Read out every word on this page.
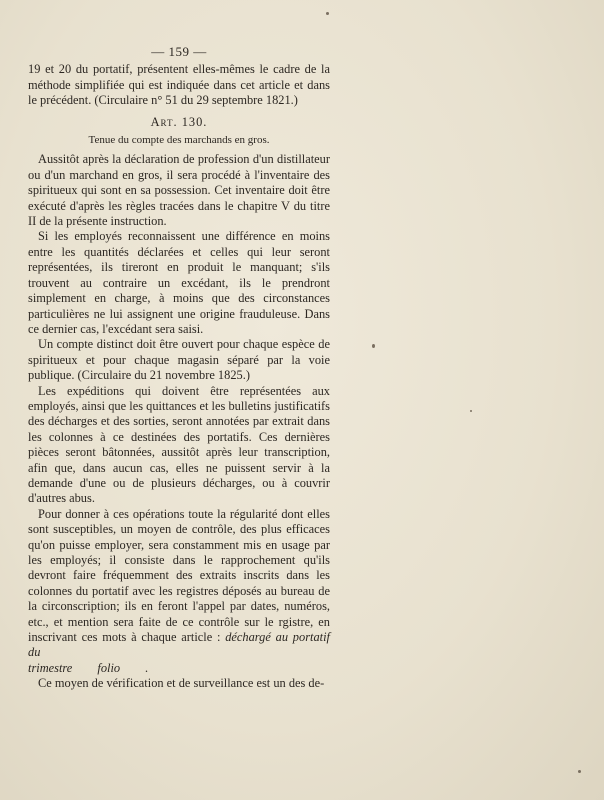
— 159 —

19 et 20 du portatif, présentent elles-mêmes le cadre de la méthode simplifiée qui est indiquée dans cet article et dans le précédent. (Circulaire n° 51 du 29 septembre 1821.)

Art. 130.
Tenue du compte des marchands en gros.

Aussitôt après la déclaration de profession d'un distillateur ou d'un marchand en gros, il sera procédé à l'inventaire des spiritueux qui sont en sa possession. Cet inventaire doit être exécuté d'après les règles tracées dans le chapitre V du titre II de la présente instruction.

Si les employés reconnaissent une différence en moins entre les quantités déclarées et celles qui leur seront représentées, ils tireront en produit le manquant; s'ils trouvent au contraire un excédant, ils le prendront simplement en charge, à moins que des circonstances particulières ne lui assignent une origine frauduleuse. Dans ce dernier cas, l'excédant sera saisi.

Un compte distinct doit être ouvert pour chaque espèce de spiritueux et pour chaque magasin séparé par la voie publique. (Circulaire du 21 novembre 1825.)

Les expéditions qui doivent être représentées aux employés, ainsi que les quittances et les bulletins justificatifs des décharges et des sorties, seront annotées par extrait dans les colonnes à ce destinées des portatifs. Ces dernières pièces seront bâtonnées, aussitôt après leur transcription, afin que, dans aucun cas, elles ne puissent servir à la demande d'une ou de plusieurs décharges, ou à couvrir d'autres abus.

Pour donner à ces opérations toute la régularité dont elles sont susceptibles, un moyen de contrôle, des plus efficaces qu'on puisse employer, sera constamment mis en usage par les employés; il consiste dans le rapprochement qu'ils devront faire fréquemment des extraits inscrits dans les colonnes du portatif avec les registres déposés au bureau de la circonscription; ils en feront l'appel par dates, numéros, etc., et mention sera faite de ce contrôle sur le rgistre, en inscrivant ces mots à chaque article : déchargé au portatif du

trimestre folio .

Ce moyen de vérification et de surveillance est un des de-
